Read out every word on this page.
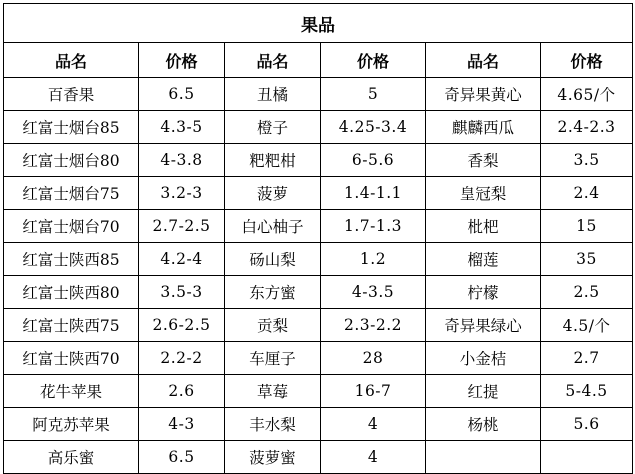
果品					
品名	价格	品名	价格	品名	价格
百香果	6.5	丑橘	5	奇异果黄心	4.65/个
红富士烟台85	4.3-5	橙子	4.25-3.4	麒麟西瓜	2.4-2.3
红富士烟台80	4-3.8	粑粑柑	6-5.6	香梨	3.5
红富士烟台75	3.2-3	菠萝	1.4-1.1	皇冠梨	2.4
红富士烟台70	2.7-2.5	白心柚子	1.7-1.3	枇杷	15
红富士陕西85	4.2-4	砀山梨	1.2	榴莲	35
红富士陕西80	3.5-3	东方蜜	4-3.5	柠檬	2.5
红富士陕西75	2.6-2.5	贡梨	2.3-2.2	奇异果绿心	4.5/个
红富士陕西70	2.2-2	车厘子	28	小金桔	2.7
花牛苹果	2.6	草莓	16-7	红提	5-4.5
阿克苏苹果	4-3	丰水梨	4	杨桃	5.6
高乐蜜	6.5	菠萝蜜	4		
